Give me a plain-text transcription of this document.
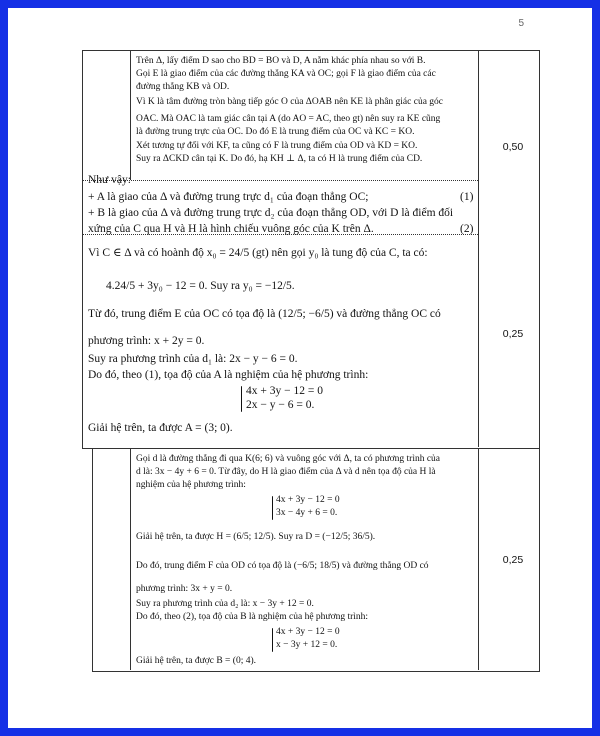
5
Trên Δ, lấy điểm D sao cho BD = BO và D, A nằm khác phía nhau so với B.
Gọi E là giao điểm của các đường thẳng KA và OC; gọi F là giao điểm của các
đường thẳng KB và OD.
Vì K là tâm đường tròn bàng tiếp góc O của ΔOAB nên KE là phân giác của góc
OAC. Mà OAC là tam giác cân tại A (do AO = AC, theo gt) nên suy ra KE cũng
là đường trung trực của OC. Do đó E là trung điểm của OC và KC = KO.
Xét tương tự đối với KF, ta cũng có F là trung điểm của OD và KD = KO.
Suy ra ΔCKD cân tại K. Do đó, hạ KH ⊥ Δ, ta có H là trung điểm của CD.
0,50
Như vậy:
+ A là giao của Δ và đường trung trực d₁ của đoạn thẳng OC;
+ B là giao của Δ và đường trung trực d₂ của đoạn thẳng OD, với D là điểm đối
xứng của C qua H và H là hình chiếu vuông góc của K trên Δ.
(1)
(2)
Vì C ∈ Δ và có hoành độ x₀ = 24/5 (gt) nên gọi y₀ là tung độ của C, ta có:
4.24/5 + 3y₀ − 12 = 0. Suy ra y₀ = −12/5.
Từ đó, trung điểm E của OC có tọa độ là (12/5; −6/5) và đường thẳng OC có
phương trình: x + 2y = 0.
Suy ra phương trình của d₁ là: 2x − y − 6 = 0.
Do đó, theo (1), tọa độ của A là nghiệm của hệ phương trình:
4x + 3y − 12 = 0
2x − y − 6 = 0.
Giải hệ trên, ta được A = (3; 0).
0,25
Gọi d là đường thẳng đi qua K(6; 6) và vuông góc với Δ, ta có phương trình của
d là: 3x − 4y + 6 = 0. Từ đây, do H là giao điểm của Δ và d nên tọa độ của H là
nghiệm của hệ phương trình:
4x + 3y − 12 = 0
3x − 4y + 6 = 0.
Giải hệ trên, ta được H = (6/5; 12/5). Suy ra D = (−12/5; 36/5).
Do đó, trung điểm F của OD có tọa độ là (−6/5; 18/5) và đường thẳng OD có
phương trình: 3x + y = 0.
Suy ra phương trình của d₂ là: x − 3y + 12 = 0.
Do đó, theo (2), tọa độ của B là nghiệm của hệ phương trình:
4x + 3y − 12 = 0
x − 3y + 12 = 0.
Giải hệ trên, ta được B = (0; 4).
0,25
